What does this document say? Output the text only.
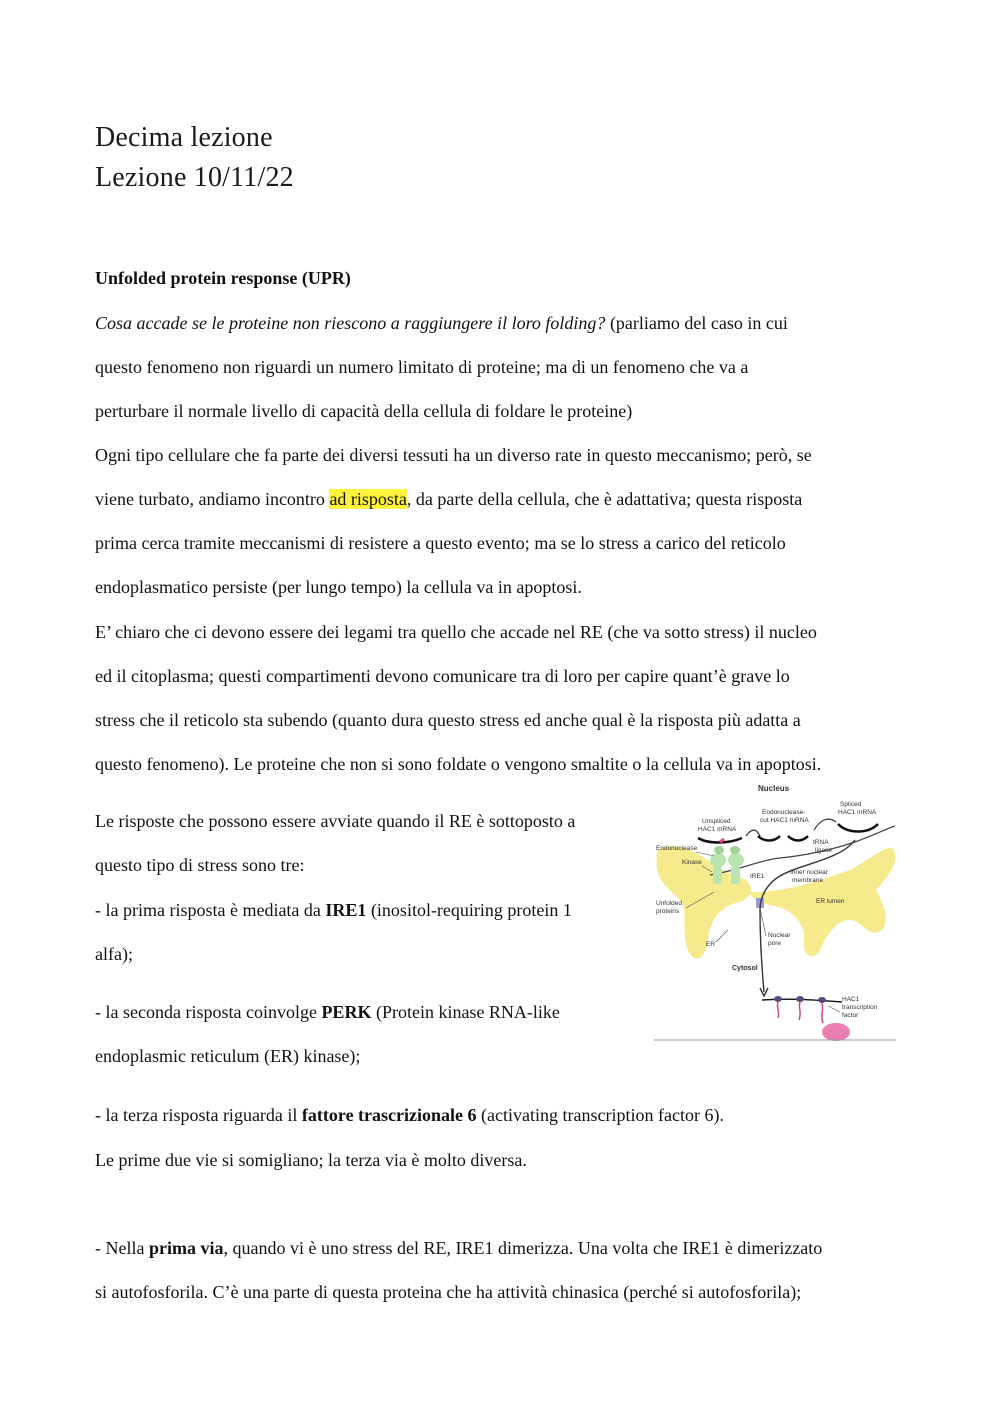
Decima lezione
Lezione 10/11/22
Unfolded protein response (UPR)
Cosa accade se le proteine non riescono a raggiungere il loro folding? (parliamo del caso in cui
questo fenomeno non riguardi un numero limitato di proteine; ma di un fenomeno che va a
perturbare il normale livello di capacità della cellula di foldare le proteine)
Ogni tipo cellulare che fa parte dei diversi tessuti ha un diverso rate in questo meccanismo; però, se
viene turbato, andiamo incontro ad risposta, da parte della cellula, che è adattativa; questa risposta
prima cerca tramite meccanismi di resistere a questo evento; ma se lo stress a carico del reticolo
endoplasmatico persiste (per lungo tempo) la cellula va in apoptosi.
E’ chiaro che ci devono essere dei legami tra quello che accade nel RE (che va sotto stress) il nucleo
ed il citoplasma; questi compartimenti devono comunicare tra di loro per capire quant’è grave lo
stress che il reticolo sta subendo (quanto dura questo stress ed anche qual è la risposta più adatta a
questo fenomeno). Le proteine che non si sono foldate o vengono smaltite o la cellula va in apoptosi.
Le risposte che possono essere avviate quando il RE è sottoposto a
questo tipo di stress sono tre:
- la prima risposta è mediata da IRE1 (inositol-requiring protein 1
alfa);
- la seconda risposta coinvolge PERK (Protein kinase RNA-like
endoplasmic reticulum (ER) kinase);
- la terza risposta riguarda il fattore trascrizionale 6 (activating transcription factor 6).
Le prime due vie si somigliano; la terza via è molto diversa.
- Nella prima via, quando vi è uno stress del RE, IRE1 dimerizza. Una volta che IRE1 è dimerizzato
si autofosforila. C’è una parte di questa proteina che ha attività chinasica (perché si autofosforila);
Nucleus
Unspliced
HAC1 mRNA
Endonuclease-
cut HAC1 mRNA
Spliced
HAC1 mRNA
tRNA
ligase
Endonuclease
Kinase
IRE1
Inner nuclear
membrane
Unfolded
proteins
ER lumen
Nuclear
pore
ER
Cytosol
HAC1
transcription
factor
